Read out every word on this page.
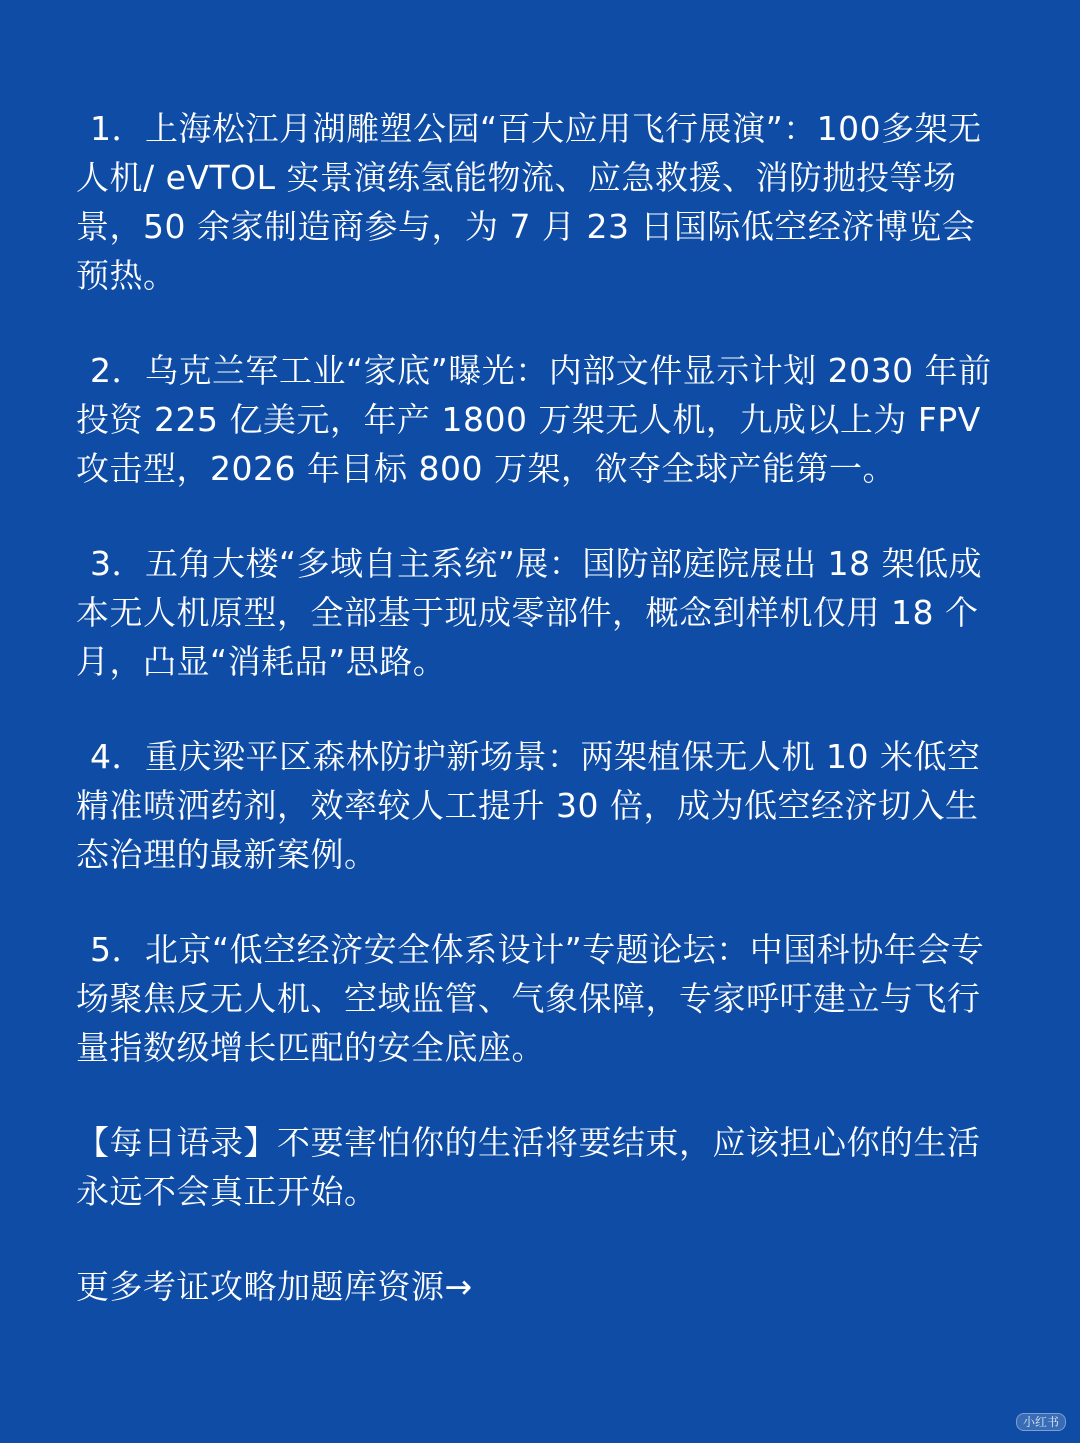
1．上海松江月湖雕塑公园“百大应用飞行展演”：100多架无人机/ eVTOL 实景演练氢能物流、应急救援、消防抛投等场景，50 余家制造商参与，为 7 月 23 日国际低空经济博览会预热。

2．乌克兰军工业“家底”曝光：内部文件显示计划 2030 年前投资 225 亿美元，年产 1800 万架无人机，九成以上为 FPV 攻击型，2026 年目标 800 万架，欲夺全球产能第一。

3．五角大楼“多域自主系统”展：国防部庭院展出 18 架低成本无人机原型，全部基于现成零部件，概念到样机仅用 18 个月，凸显“消耗品”思路。

4．重庆梁平区森林防护新场景：两架植保无人机 10 米低空精准喷洒药剂，效率较人工提升 30 倍，成为低空经济切入生态治理的最新案例。

5．北京“低空经济安全体系设计”专题论坛：中国科协年会专场聚焦反无人机、空域监管、气象保障，专家呼吁建立与飞行量指数级增长匹配的安全底座。

【每日语录】不要害怕你的生活将要结束，应该担心你的生活永远不会真正开始。

更多考证攻略加题库资源→

小红书
